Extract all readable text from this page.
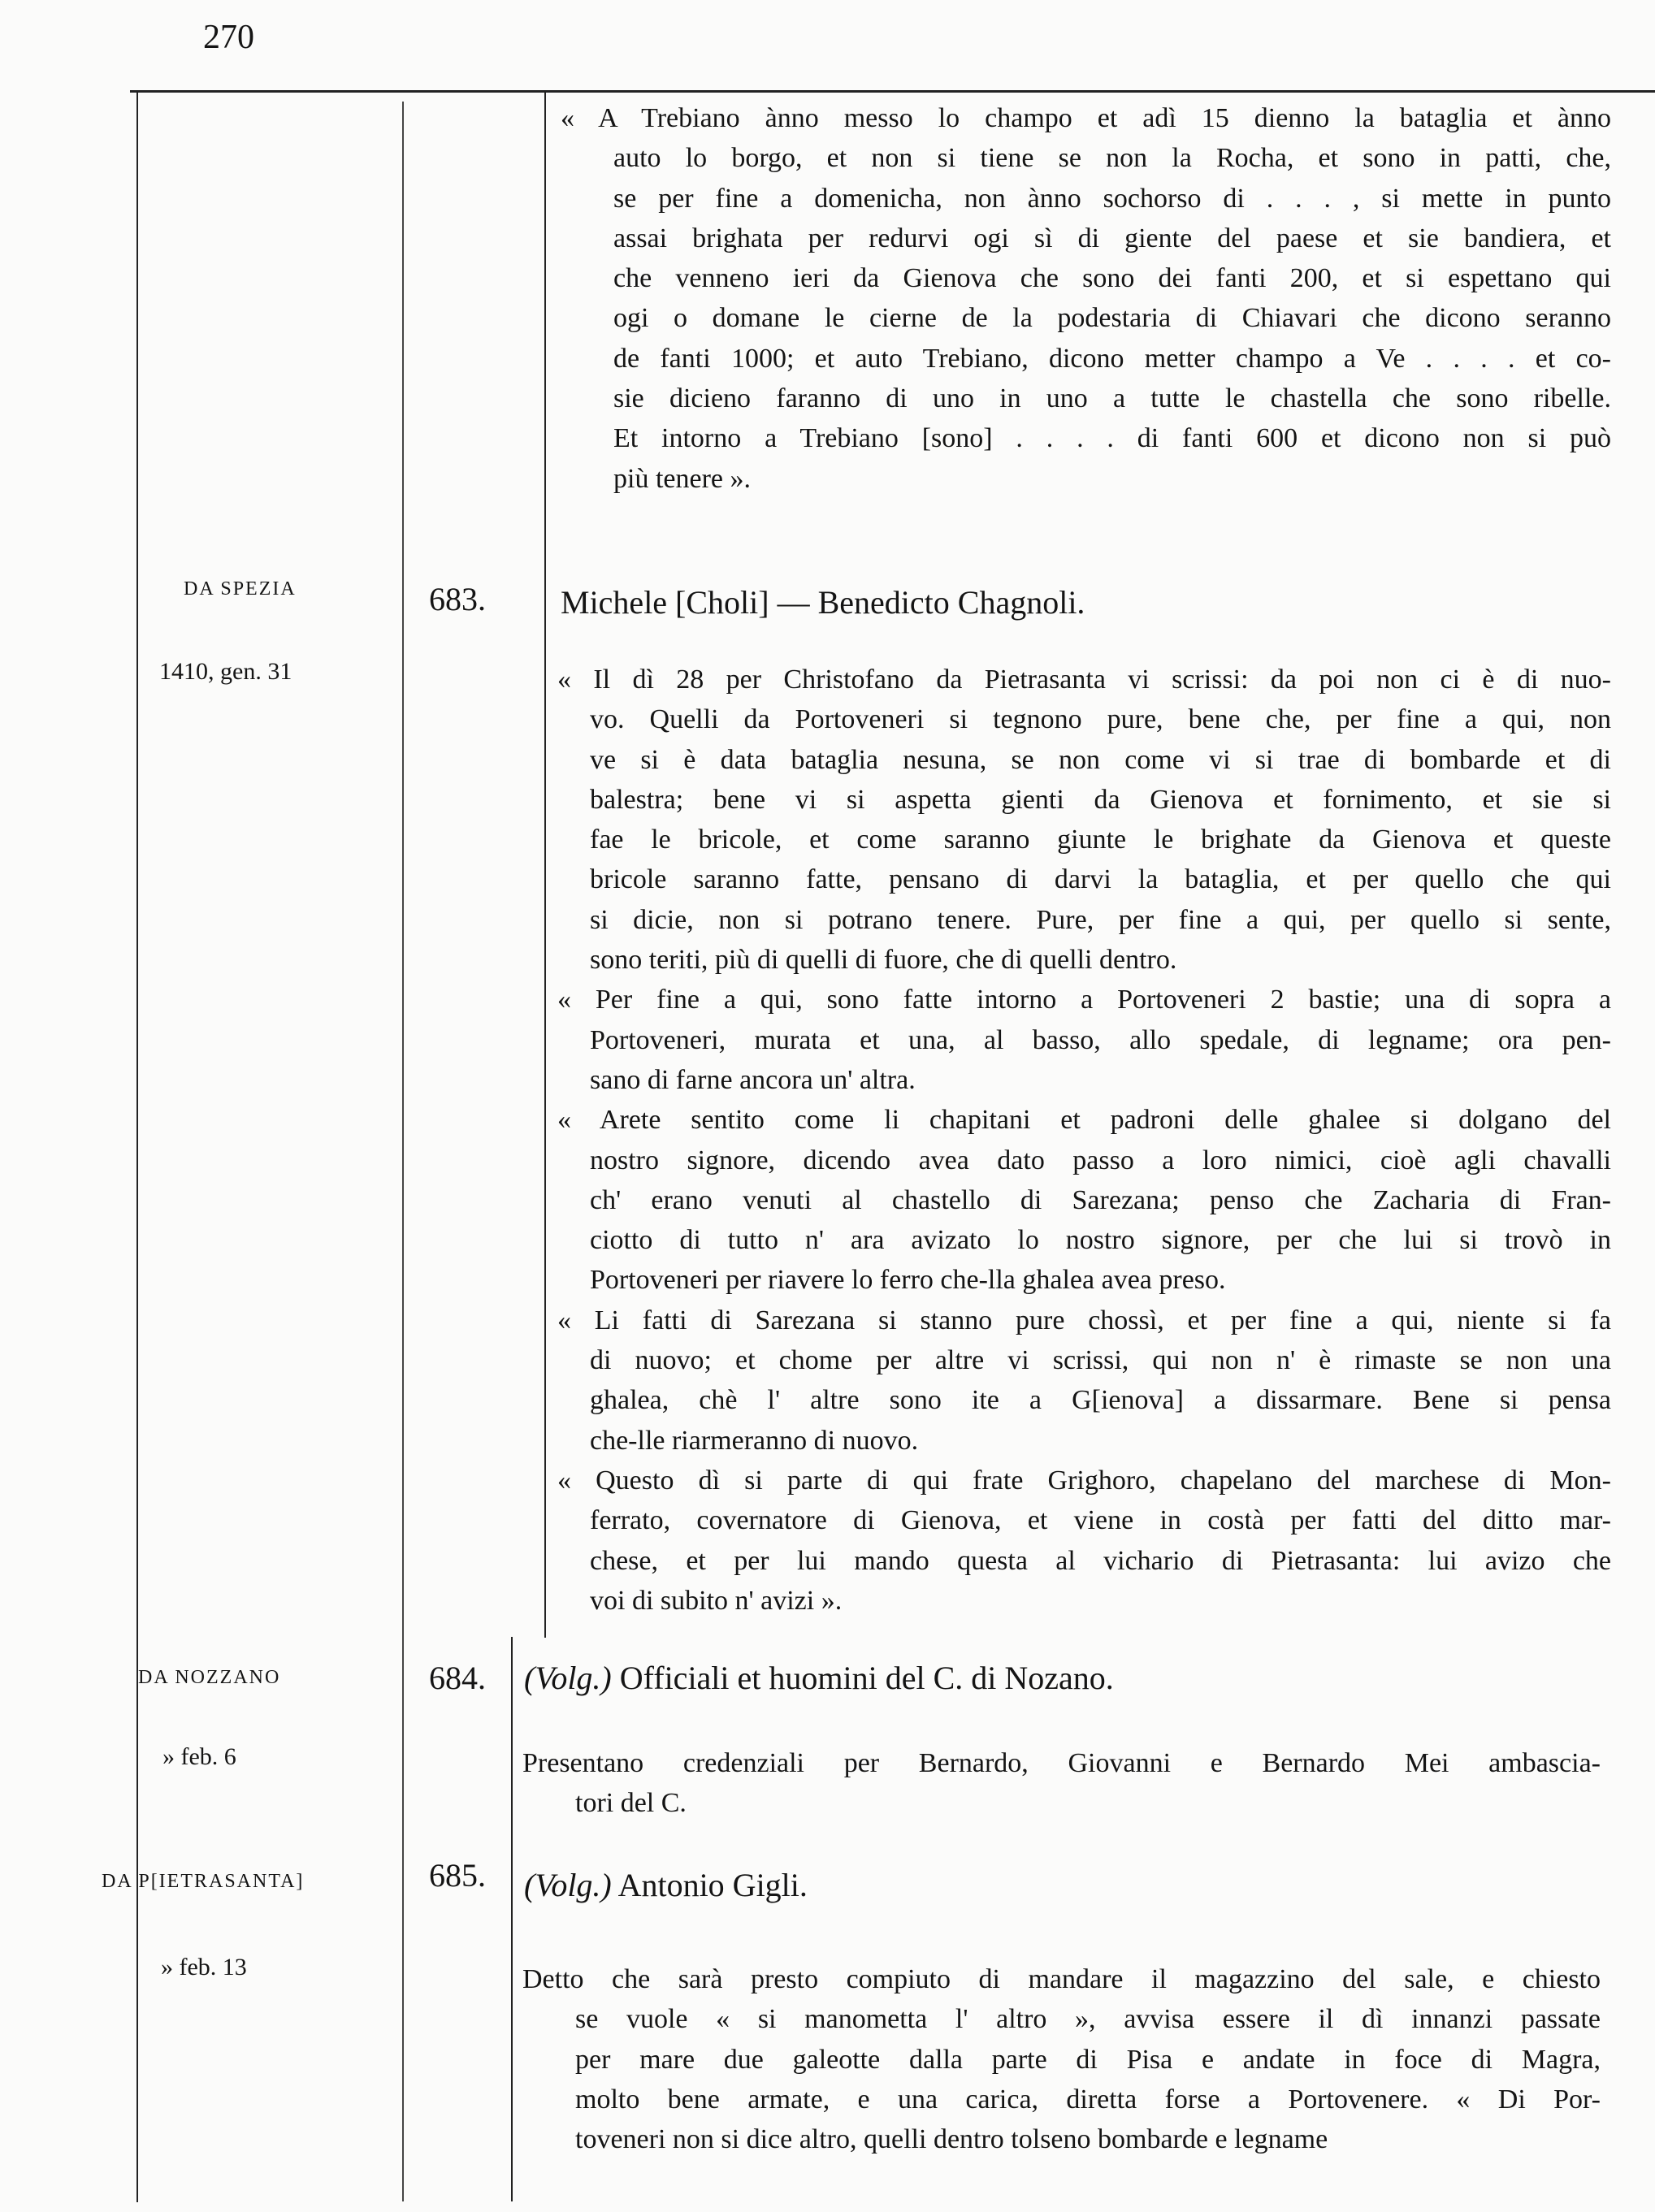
270
« A Trebiano ànno messo lo champo et adì 15 dienno la bataglia et ànno
auto lo borgo, et non si tiene se non la Rocha, et sono in patti, che,
se per fine a domenicha, non ànno sochorso di . . . , si mette in punto
assai brighata per redurvi ogi sì di giente del paese et sie bandiera, et
che venneno ieri da Gienova che sono dei fanti 200, et si espettano qui
ogi o domane le cierne de la podestaria di Chiavari che dicono seranno
de fanti 1000; et auto Trebiano, dicono metter champo a Ve . . . . et co-
sie dicieno faranno di uno in uno a tutte le chastella che sono ribelle.
Et intorno a Trebiano [sono] . . . . di fanti 600 et dicono non si può
più tenere ».
DA SPEZIA
1410, gen. 31
683. Michele [Choli] — Benedicto Chagnoli.
« Il dì 28 per Christofano da Pietrasanta vi scrissi: da poi non ci è di nuo-
vo. Quelli da Portoveneri si tegnono pure, bene che, per fine a qui, non
ve si è data bataglia nesuna, se non come vi si trae di bombarde et di
balestra; bene vi si aspetta gienti da Gienova et fornimento, et sie si
fae le bricole, et come saranno giunte le brighate da Gienova et queste
bricole saranno fatte, pensano di darvi la bataglia, et per quello che qui
si dicie, non si potrano tenere. Pure, per fine a qui, per quello si sente,
sono teriti, più di quelli di fuore, che di quelli dentro.
« Per fine a qui, sono fatte intorno a Portoveneri 2 bastie; una di sopra a
Portoveneri, murata et una, al basso, allo spedale, di legname; ora pen-
sano di farne ancora un' altra.
« Arete sentito come li chapitani et padroni delle ghalee si dolgano del
nostro signore, dicendo avea dato passo a loro nimici, cioè agli chavalli
ch' erano venuti al chastello di Sarezana; penso che Zacharia di Fran-
ciotto di tutto n' ara avizato lo nostro signore, per che lui si trovò in
Portoveneri per riavere lo ferro che-lla ghalea avea preso.
« Li fatti di Sarezana si stanno pure chossì, et per fine a qui, niente si fa
di nuovo; et chome per altre vi scrissi, qui non n' è rimaste se non una
ghalea, chè l' altre sono ite a G[ienova] a dissarmare. Bene si pensa
che-lle riarmeranno di nuovo.
« Questo dì si parte di qui frate Grighoro, chapelano del marchese di Mon-
ferrato, covernatore di Gienova, et viene in costà per fatti del ditto mar-
chese, et per lui mando questa al vichario di Pietrasanta: lui avizo che
voi di subito n' avizi ».
DA NOZZANO
» feb. 6
684. (Volg.) Officiali et huomini del C. di Nozano.
Presentano credenziali per Bernardo, Giovanni e Bernardo Mei ambascia-
tori del C.
DA P[IETRASANTA]
» feb. 13
685. (Volg.) Antonio Gigli.
Detto che sarà presto compiuto di mandare il magazzino del sale, e chiesto
se vuole « si manometta l' altro », avvisa essere il dì innanzi passate
per mare due galeotte dalla parte di Pisa e andate in foce di Magra,
molto bene armate, e una carica, diretta forse a Portovenere. « Di Por-
toveneri non si dice altro, quelli dentro tolseno bombarde e legname
